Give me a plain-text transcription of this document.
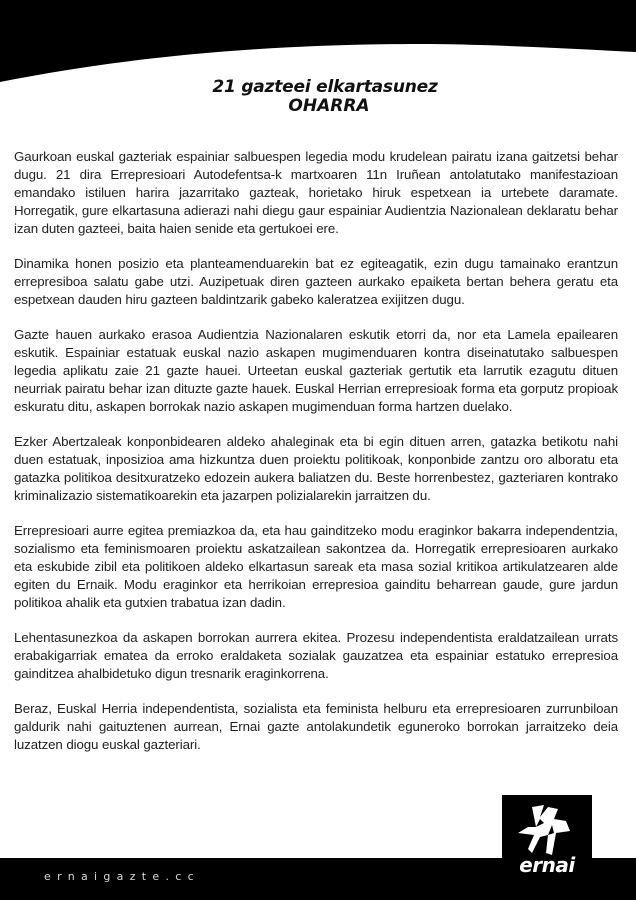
21 gazteei elkartasunez
OHARRA

Gaurkoan euskal gazteriak espainiar salbuespen legedia modu krudelean pairatu izana gaitzetsi behar dugu. 21 dira Errepresioari Autodefentsa-k martxoaren 11n Iruñean antolatutako manifestazioan emandako istiluen harira jazarritako gazteak, horietako hiruk espetxean ia urtebete daramate. Horregatik, gure elkartasuna adierazi nahi diegu gaur espainiar Audientzia Nazionalean deklaratu behar izan duten gazteei, baita haien senide eta gertukoei ere.

Dinamika honen posizio eta planteamenduarekin bat ez egiteagatik, ezin dugu tamainako erantzun errepresiboa salatu gabe utzi. Auzipetuak diren gazteen aurkako epaiketa bertan behera geratu eta espetxean dauden hiru gazteen baldintzarik gabeko kaleratzea exijitzen dugu.

Gazte hauen aurkako erasoa Audientzia Nazionalaren eskutik etorri da, nor eta Lamela epailearen eskutik. Espainiar estatuak euskal nazio askapen mugimenduaren kontra diseinatutako salbuespen legedia aplikatu zaie 21 gazte hauei. Urteetan euskal gazteriak gertutik eta larrutik ezagutu dituen neurriak pairatu behar izan dituzte gazte hauek. Euskal Herrian errepresioak forma eta gorputz propioak eskuratu ditu, askapen borrokak nazio askapen mugimenduan forma hartzen duelako.

Ezker Abertzaleak konponbidearen aldeko ahaleginak eta bi egin dituen arren, gatazka betikotu nahi duen estatuak, inposizioa ama hizkuntza duen proiektu politikoak, konponbide zantzu oro alboratu eta gatazka politikoa desitxuratzeko edozein aukera baliatzen du. Beste horrenbestez, gazteriaren kontrako kriminalizazio sistematikoarekin eta jazarpen polizialarekin jarraitzen du.

Errepresioari aurre egitea premiazkoa da, eta hau gainditzeko modu eraginkor bakarra independentzia, sozialismo eta feminismoaren proiektu askatzailean sakontzea da. Horregatik errepresioaren aurkako eta eskubide zibil eta politikoen aldeko elkartasun sareak eta masa sozial kritikoa artikulatzearen alde egiten du Ernaik. Modu eraginkor eta herrikoian errepresioa gainditu beharrean gaude, gure jardun politikoa ahalik eta gutxien trabatua izan dadin.

Lehentasunezkoa da askapen borrokan aurrera ekitea. Prozesu independentista eraldatzailean urrats erabakigarriak ematea da erroko eraldaketa sozialak gauzatzea eta espainiar estatuko errepresioa gainditzea ahalbidetuko digun tresnarik eraginkorrena.

Beraz, Euskal Herria independentista, sozialista eta feminista helburu eta errepresioaren zurrunbiloan galdurik nahi gaituztenen aurrean, Ernai gazte antolakundetik eguneroko borrokan jarraitzeko deia luzatzen diogu euskal gazteriari.

ernaigazte.cc	ernai
